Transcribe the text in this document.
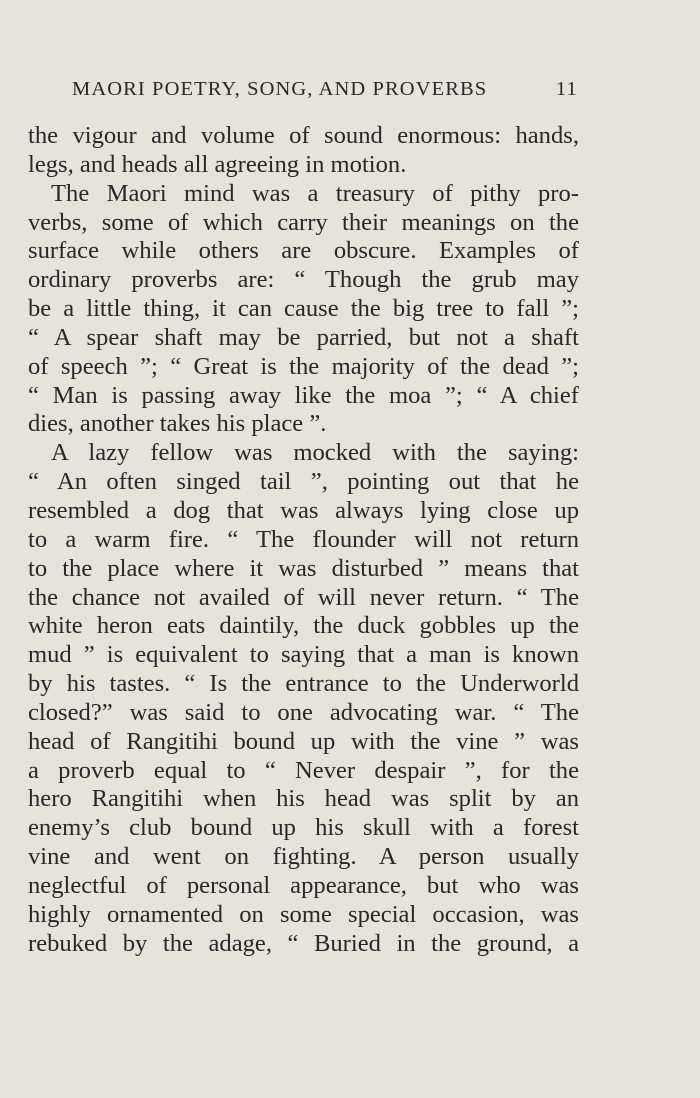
MAORI POETRY, SONG, AND PROVERBS	11
the vigour and volume of sound enormous: hands,
legs, and heads all agreeing in motion.
The Maori mind was a treasury of pithy pro-
verbs, some of which carry their meanings on the
surface while others are obscure. Examples of
ordinary proverbs are: “ Though the grub may
be a little thing, it can cause the big tree to fall ”;
“ A spear shaft may be parried, but not a shaft
of speech ”; “ Great is the majority of the dead ”;
“ Man is passing away like the moa ”; “ A chief
dies, another takes his place ”.
A lazy fellow was mocked with the saying:
“ An often singed tail ”, pointing out that he
resembled a dog that was always lying close up
to a warm fire. “ The flounder will not return
to the place where it was disturbed ” means that
the chance not availed of will never return. “ The
white heron eats daintily, the duck gobbles up the
mud ” is equivalent to saying that a man is known
by his tastes. “ Is the entrance to the Underworld
closed?” was said to one advocating war. “ The
head of Rangitihi bound up with the vine ” was
a proverb equal to “ Never despair ”, for the
hero Rangitihi when his head was split by an
enemy’s club bound up his skull with a forest
vine and went on fighting. A person usually
neglectful of personal appearance, but who was
highly ornamented on some special occasion, was
rebuked by the adage, “ Buried in the ground, a
